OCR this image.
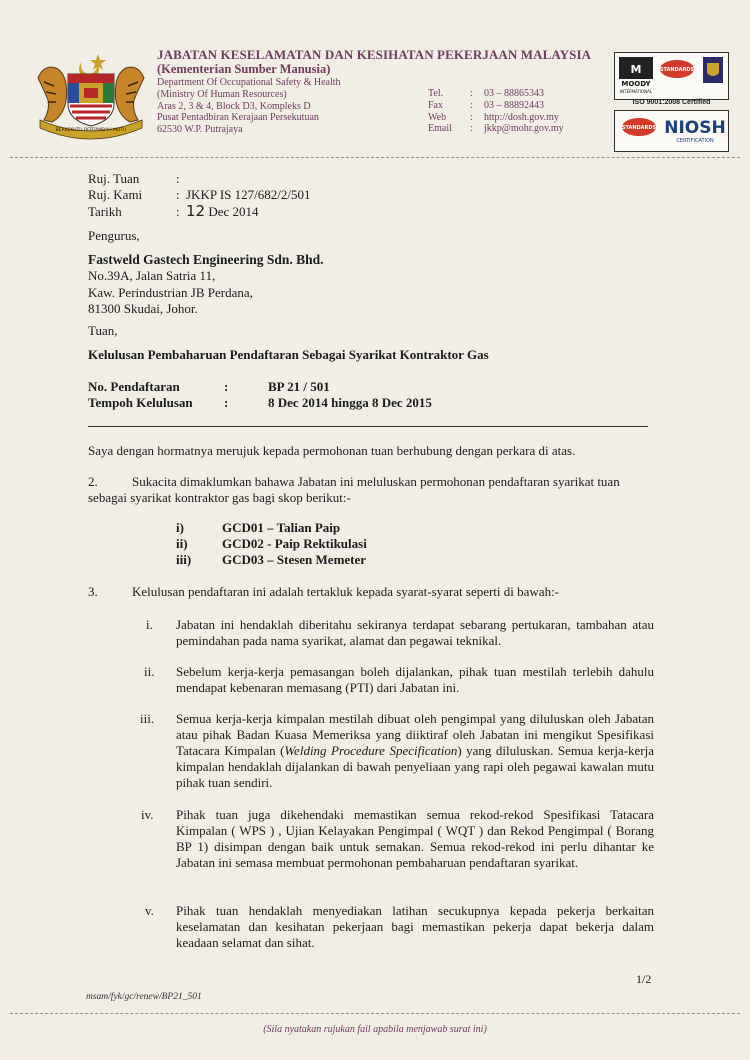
BERSEKUTU BERTAMBAH MUTU
JABATAN KESELAMATAN DAN KESIHATAN PEKERJAAN MALAYSIA
(Kementerian Sumber Manusia)
Department Of Occupational Safety & Health
(Ministry Of Human Resources)
Aras 2, 3 & 4, Block D3, Kompleks D
Pusat Pentadbiran Kerajaan Persekutuan
62530 W.P. Putrajaya
Tel.	:	03 – 88865343
Fax	:	03 – 88892443
Web	:	http://dosh.gov.my
Email	:	jkkp@mohr.gov.my
M
MOODY
INTERNATIONAL
STANDARDS
ISO 9001:2008 Certified
STANDARDS NIOSH
CERTIFICATION
Ruj. Tuan	:	
Ruj. Kami	:	JKKP IS 127/682/2/501
Tarikh	:	12 Dec 2014
Pengurus,
Fastweld Gastech Engineering Sdn. Bhd.
No.39A, Jalan Satria 11,
Kaw. Perindustrian JB Perdana,
81300 Skudai, Johor.
Tuan,
Kelulusan Pembaharuan Pendaftaran Sebagai Syarikat Kontraktor Gas
No. Pendaftaran	:	BP 21 / 501
Tempoh Kelulusan	:	8 Dec 2014 hingga 8 Dec 2015
Saya dengan hormatnya merujuk kepada permohonan tuan berhubung dengan perkara di atas.
2.	Sukacita dimaklumkan bahawa Jabatan ini meluluskan permohonan pendaftaran syarikat tuan
sebagai syarikat kontraktor gas bagi skop berikut:-
i)	GCD01 – Talian Paip
ii)	GCD02 - Paip Rektikulasi
iii)	GCD03 – Stesen Memeter
3.	Kelulusan pendaftaran ini adalah tertakluk kepada syarat-syarat seperti di bawah:-
i. Jabatan ini hendaklah diberitahu sekiranya terdapat sebarang pertukaran, tambahan atau pemindahan pada nama syarikat, alamat dan pegawai teknikal.
ii. Sebelum kerja-kerja pemasangan boleh dijalankan, pihak tuan mestilah terlebih dahulu mendapat kebenaran memasang (PTI) dari Jabatan ini.
iii. Semua kerja-kerja kimpalan mestilah dibuat oleh pengimpal yang diluluskan oleh Jabatan atau pihak Badan Kuasa Memeriksa yang diiktiraf oleh Jabatan ini mengikut Spesifikasi Tatacara Kimpalan (Welding Procedure Specification) yang diluluskan. Semua kerja-kerja kimpalan hendaklah dijalankan di bawah penyeliaan yang rapi oleh pegawai kawalan mutu pihak tuan sendiri.
iv. Pihak tuan juga dikehendaki memastikan semua rekod-rekod Spesifikasi Tatacara Kimpalan ( WPS ) , Ujian Kelayakan Pengimpal ( WQT ) dan Rekod Pengimpal ( Borang BP 1) disimpan dengan baik untuk semakan. Semua rekod-rekod ini perlu dihantar ke Jabatan ini semasa membuat permohonan pembaharuan pendaftaran syarikat.
v. Pihak tuan hendaklah menyediakan latihan secukupnya kepada pekerja berkaitan keselamatan dan kesihatan pekerjaan bagi memastikan pekerja dapat bekerja dalam keadaan selamat dan sihat.
1/2
msam/fyk/gc/renew/BP21_501
(Sila nyatakan rujukan fail apabila menjawab surat ini)
